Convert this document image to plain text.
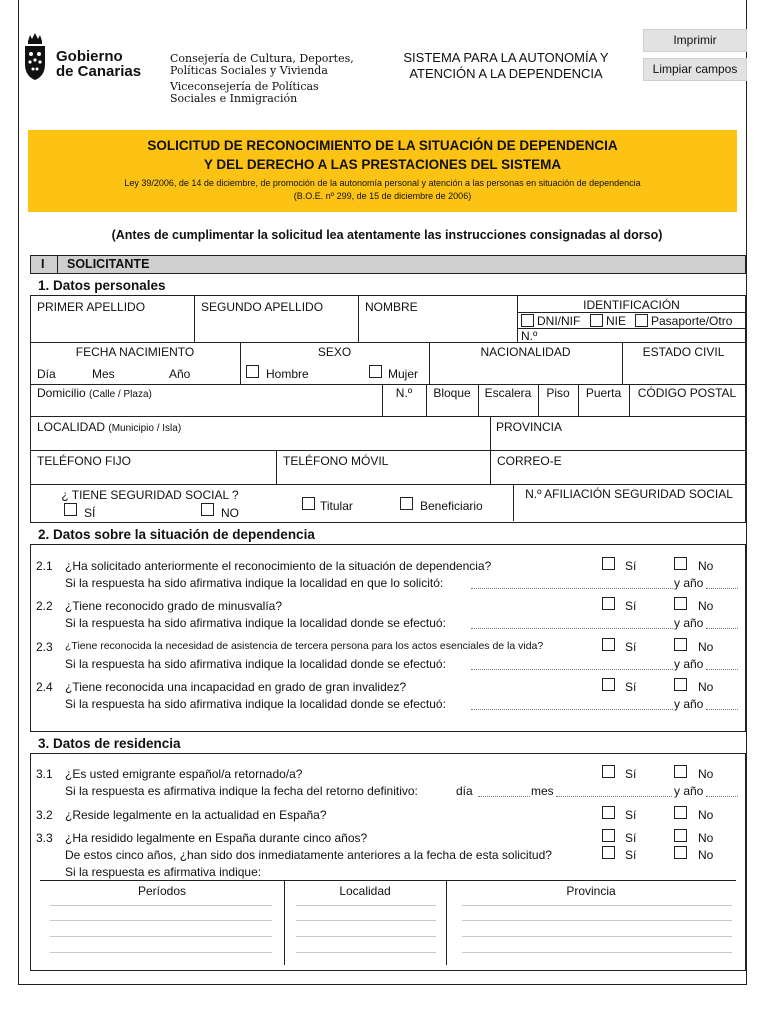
Imprimir
Limpiar campos
Gobierno
de Canarias
Consejería de Cultura, Deportes,
Políticas Sociales y Vivienda
Viceconsejería de Políticas
Sociales e Inmigración
SISTEMA PARA LA AUTONOMÍA Y
ATENCIÓN A LA DEPENDENCIA
SOLICITUD DE RECONOCIMIENTO DE LA SITUACIÓN DE DEPENDENCIA
Y DEL DERECHO A LAS PRESTACIONES DEL SISTEMA
Ley 39/2006, de 14 de diciembre, de promoción de la autonomía personal y atención a las personas en situación de dependencia
(B.O.E. nº 299, de 15 de diciembre de 2006)
(Antes de cumplimentar la solicitud lea atentamente las instrucciones consignadas al dorso)
I SOLICITANTE
1. Datos personales
PRIMER APELLIDO	SEGUNDO APELLIDO	NOMBRE	IDENTIFICACIÓN
DNI/NIF NIE Pasaporte/Otro
N.º
FECHA NACIMIENTO
Día	Mes	Año
SEXO
Hombre	Mujer
NACIONALIDAD	ESTADO CIVIL
Domicilio (Calle / Plaza)	N.º	Bloque	Escalera	Piso	Puerta	CÓDIGO POSTAL
LOCALIDAD (Municipio / Isla)	PROVINCIA
TELÉFONO FIJO	TELÉFONO MÓVIL	CORREO-E
¿ TIENE SEGURIDAD SOCIAL ?
SÍ	NO	Titular	Beneficiario
N.º AFILIACIÓN SEGURIDAD SOCIAL
2. Datos sobre la situación de dependencia
2.1 ¿Ha solicitado anteriormente el reconocimiento de la situación de dependencia?
Si la respuesta ha sido afirmativa indique la localidad en que lo solicitó:	y año
Sí	No
2.2 ¿Tiene reconocido grado de minusvalía?
Si la respuesta ha sido afirmativa indique la localidad donde se efectuó:	y año
Sí	No
2.3 ¿Tiene reconocida la necesidad de asistencia de tercera persona para los actos esenciales de la vida?
Si la respuesta ha sido afirmativa indique la localidad donde se efectuó:	y año
Sí	No
2.4 ¿Tiene reconocida una incapacidad en grado de gran invalidez?
Si la respuesta ha sido afirmativa indique la localidad donde se efectuó:	y año
Sí	No
3. Datos de residencia
3.1 ¿Es usted emigrante español/a retornado/a?
Si la respuesta es afirmativa indique la fecha del retorno definitivo:	día	mes	y año
Sí	No
3.2 ¿Reside legalmente en la actualidad en España?	Sí	No
3.3 ¿Ha residido legalmente en España durante cinco años?	Sí	No
De estos cinco años, ¿han sido dos inmediatamente anteriores a la fecha de esta solicitud?	Sí	No
Si la respuesta es afirmativa indique:
Períodos	Localidad	Provincia
